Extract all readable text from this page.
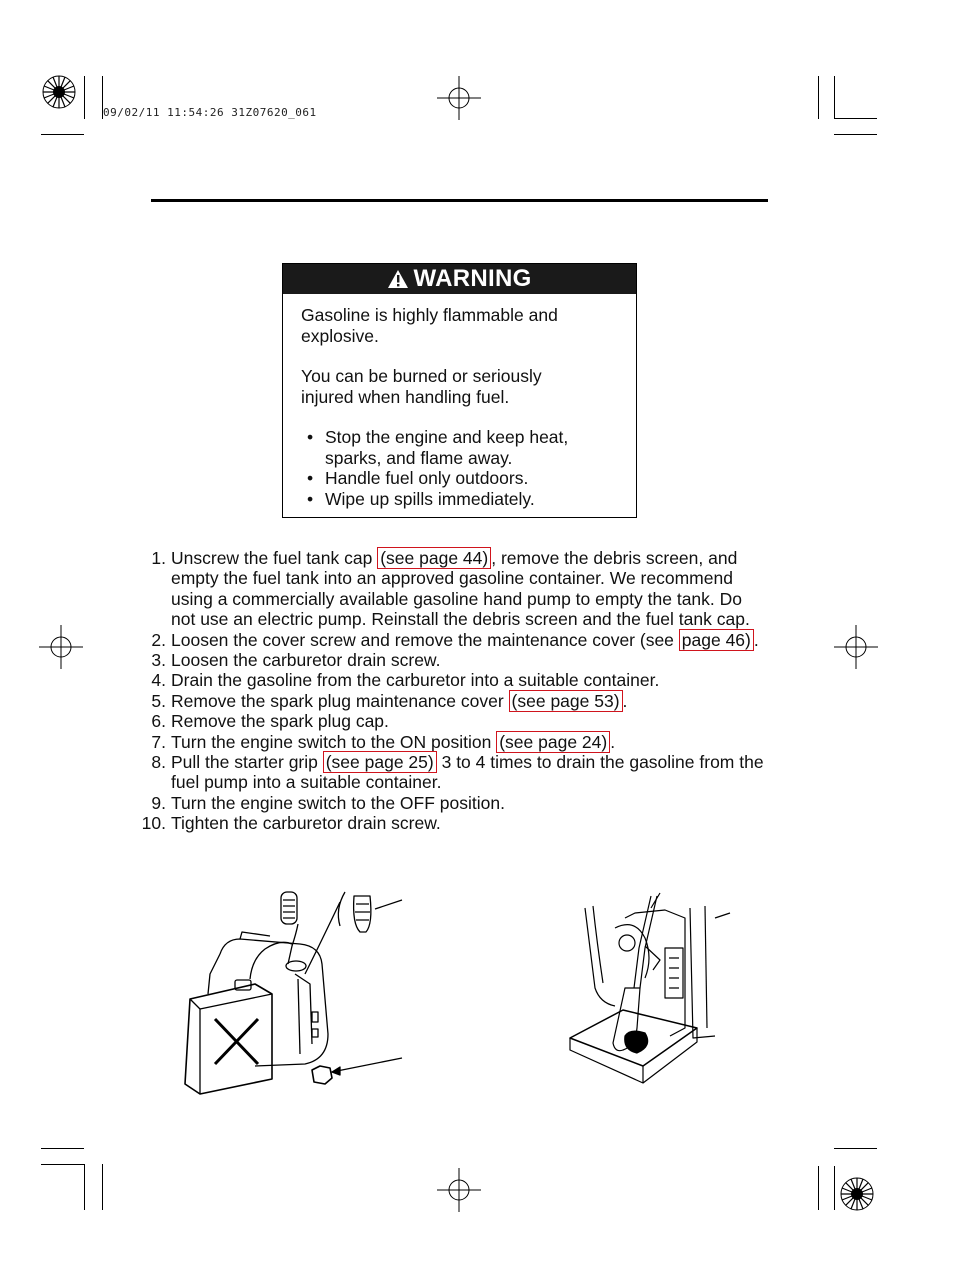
09/02/11 11:54:26 31Z07620_061
WARNING

Gasoline is highly flammable and explosive.

You can be burned or seriously injured when handling fuel.

• Stop the engine and keep heat, sparks, and flame away.
• Handle fuel only outdoors.
• Wipe up spills immediately.
1. Unscrew the fuel tank cap (see page 44) , remove the debris screen, and empty the fuel tank into an approved gasoline container. We recommend using a commercially available gasoline hand pump to empty the tank. Do not use an electric pump. Reinstall the debris screen and the fuel tank cap.
2. Loosen the cover screw and remove the maintenance cover (see page 46) .
3. Loosen the carburetor drain screw.
4. Drain the gasoline from the carburetor into a suitable container.
5. Remove the spark plug maintenance cover (see page 53) .
6. Remove the spark plug cap.
7. Turn the engine switch to the ON position (see page 24) .
8. Pull the starter grip (see page 25) 3 to 4 times to drain the gasoline from the fuel pump into a suitable container.
9. Turn the engine switch to the OFF position.
10. Tighten the carburetor drain screw.
